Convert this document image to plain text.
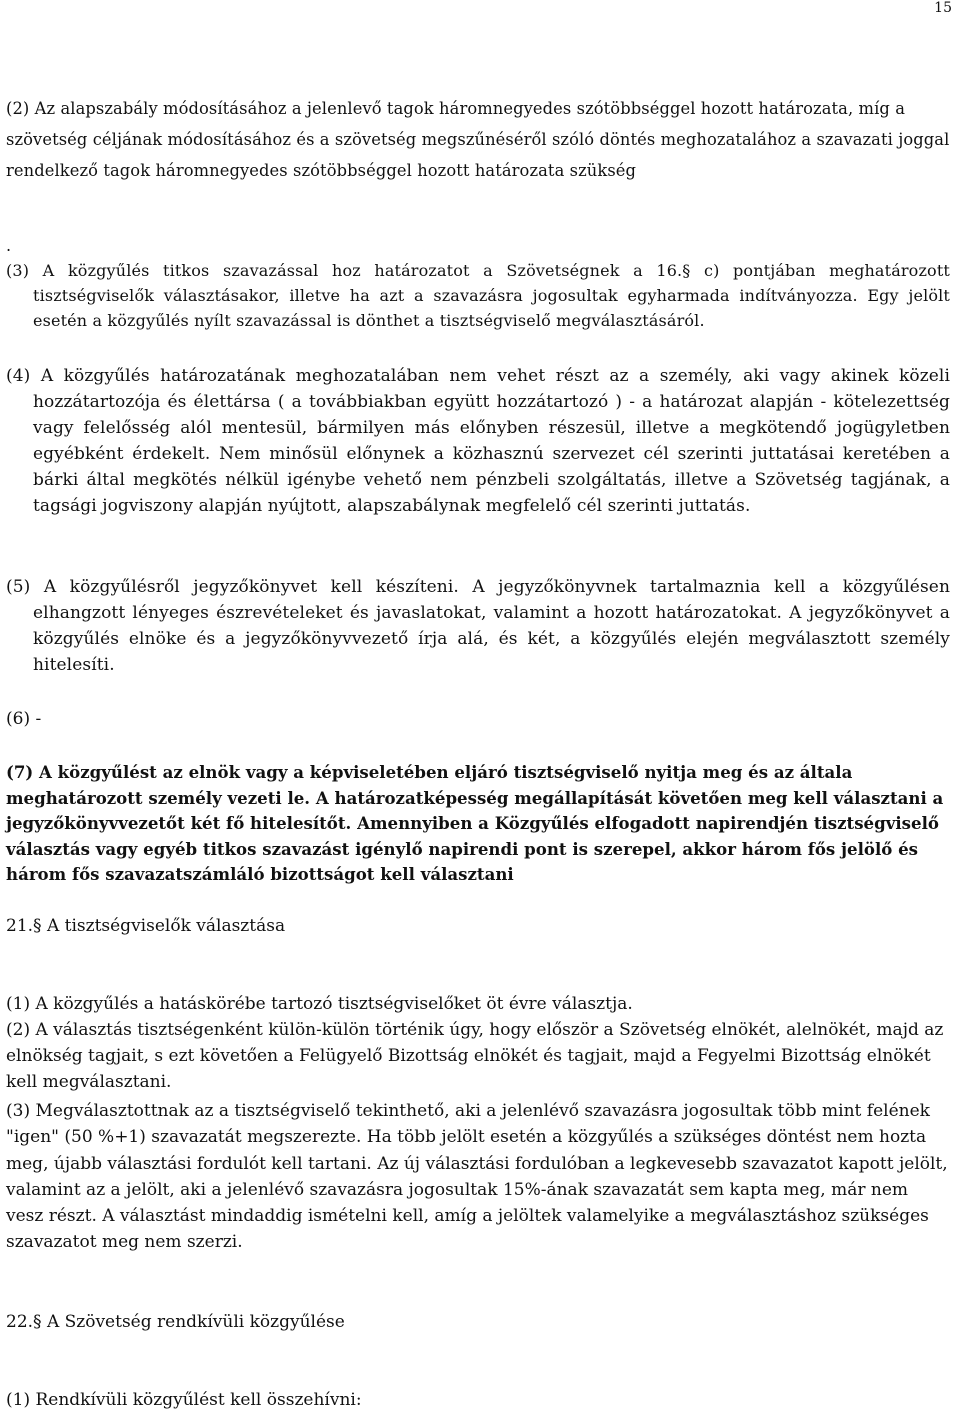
15

(2) Az alapszabály módosításához a jelenlevő tagok háromnegyedes szótöbbséggel hozott határozata, míg a szövetség céljának módosításához és a szövetség megszűnéséről szóló döntés meghozatalához a szavazati joggal rendelkező tagok háromnegyedes szótöbbséggel hozott határozata szükség

.

(3) A közgyűlés titkos szavazással hoz határozatot a Szövetségnek a 16.§ c) pontjában meghatározott tisztségviselők választásakor, illetve ha azt a szavazásra jogosultak egyharmada indítványozza. Egy jelölt esetén a közgyűlés nyílt szavazással is dönthet a tisztségviselő megválasztásáról.

(4) A közgyűlés határozatának meghozatalában nem vehet részt az a személy, aki vagy akinek közeli hozzátartozója és élettársa ( a továbbiakban együtt hozzátartozó ) - a határozat alapján - kötelezettség vagy felelősség alól mentesül, bármilyen más előnyben részesül, illetve a megkötendő jogügyletben egyébként érdekelt. Nem minősül előnynek a közhasznú szervezet cél szerinti juttatásai keretében a bárki által megkötés nélkül igénybe vehető nem pénzbeli szolgáltatás, illetve a Szövetség tagjának, a tagsági jogviszony alapján nyújtott, alapszabálynak megfelelő cél szerinti juttatás.

(5) A közgyűlésről jegyzőkönyvet kell készíteni. A jegyzőkönyvnek tartalmaznia kell a közgyűlésen elhangzott lényeges észrevételeket és javaslatokat, valamint a hozott határozatokat. A jegyzőkönyvet a közgyűlés elnöke és a jegyzőkönyvvezető írja alá, és két, a közgyűlés elején megválasztott személy hitelesíti.

(6) -

(7) A közgyűlést az elnök vagy a képviseletében eljáró tisztségviselő nyitja meg és az általa meghatározott személy vezeti le. A határozatképesség megállapítását követően meg kell választani a jegyzőkönyvvezetőt két fő hitelesítőt. Amennyiben a Közgyűlés elfogadott napirendjén tisztségviselő választás vagy egyéb titkos szavazást igénylő napirendi pont is szerepel, akkor három fős jelölő és három fős szavazatszámláló bizottságot kell választani

21.§ A tisztségviselők választása

(1) A közgyűlés a hatáskörébe tartozó tisztségviselőket öt évre választja.

(2) A választás tisztségenként külön-külön történik úgy, hogy először a Szövetség elnökét, alelnökét, majd az elnökség tagjait, s ezt követően a Felügyelő Bizottság elnökét és tagjait, majd a Fegyelmi Bizottság elnökét kell megválasztani.

(3) Megválasztottnak az a tisztségviselő tekinthető, aki a jelenlévő szavazásra jogosultak több mint felének "igen" (50 %+1) szavazatát megszerezte. Ha több jelölt esetén a közgyűlés a szükséges döntést nem hozta meg, újabb választási fordulót kell tartani. Az új választási fordulóban a legkevesebb szavazatot kapott jelölt, valamint az a jelölt, aki a jelenlévő szavazásra jogosultak 15%-ának szavazatát sem kapta meg, már nem vesz részt. A választást mindaddig ismételni kell, amíg a jelöltek valamelyike a megválasztáshoz szükséges szavazatot meg nem szerzi.

22.§ A Szövetség rendkívüli közgyűlése

(1) Rendkívüli közgyűlést kell összehívni:
